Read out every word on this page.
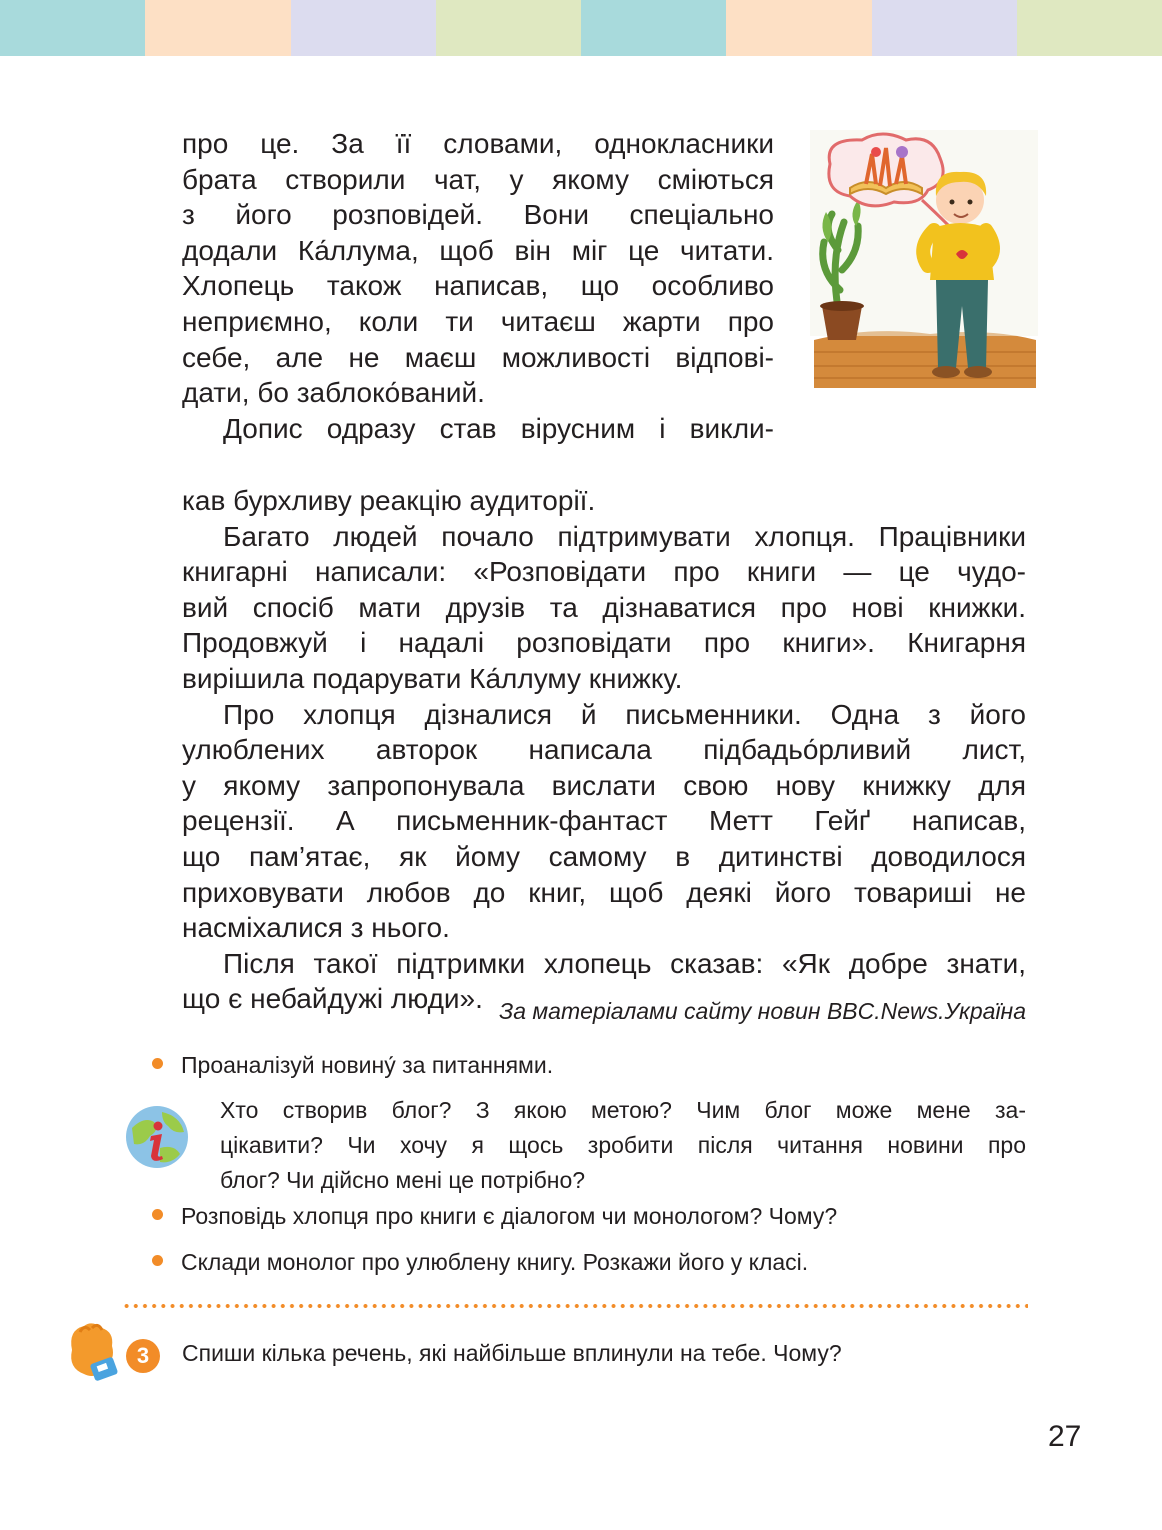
про це. За її словами, однокласники
брата створили чат, у якому сміються
з його розповідей. Вони спеціально
додали Ка́ллума, щоб він міг це читати.
Хлопець також написав, що особливо
неприємно, коли ти читаєш жарти про
себе, але не маєш можливості відпові-
дати, бо заблоко́ваний.
Допис одразу став вірусним і викли-
кав бурхливу реакцію аудиторії.
Багато людей почало підтримувати хлопця. Працівники
книгарні написали: «Розповідати про книги — це чудо-
вий спосіб мати друзів та дізнаватися про нові книжки.
Продовжуй і надалі розповідати про книги». Книгарня
вирішила подарувати Ка́ллуму книжку.
Про хлопця дізналися й письменники. Одна з його
улюблених авторок написала підбадьо́рливий лист,
у якому запропонувала вислати свою нову книжку для
рецензії. А письменник-фантаст Метт Гейґ написав,
що пам’ятає, як йому самому в дитинстві доводилося
приховувати любов до книг, щоб деякі його товариші не
насміхалися з нього.
Після такої підтримки хлопець сказав: «Як добре знати,
що є небайдужі люди». За матеріалами сайту новин BBC.News.Україна
Проаналізуй новину́ за питаннями.
Хто створив блог? З якою метою? Чим блог може мене за-
цікавити? Чи хочу я щось зробити після читання новини про
блог? Чи дійсно мені це потрібно?
Розповідь хлопця про книги є діалогом чи монологом? Чому?
Склади монолог про улюблену книгу. Розкажи його у класі.
3	Спиши кілька речень, які найбільше вплинули на тебе. Чому?
27
